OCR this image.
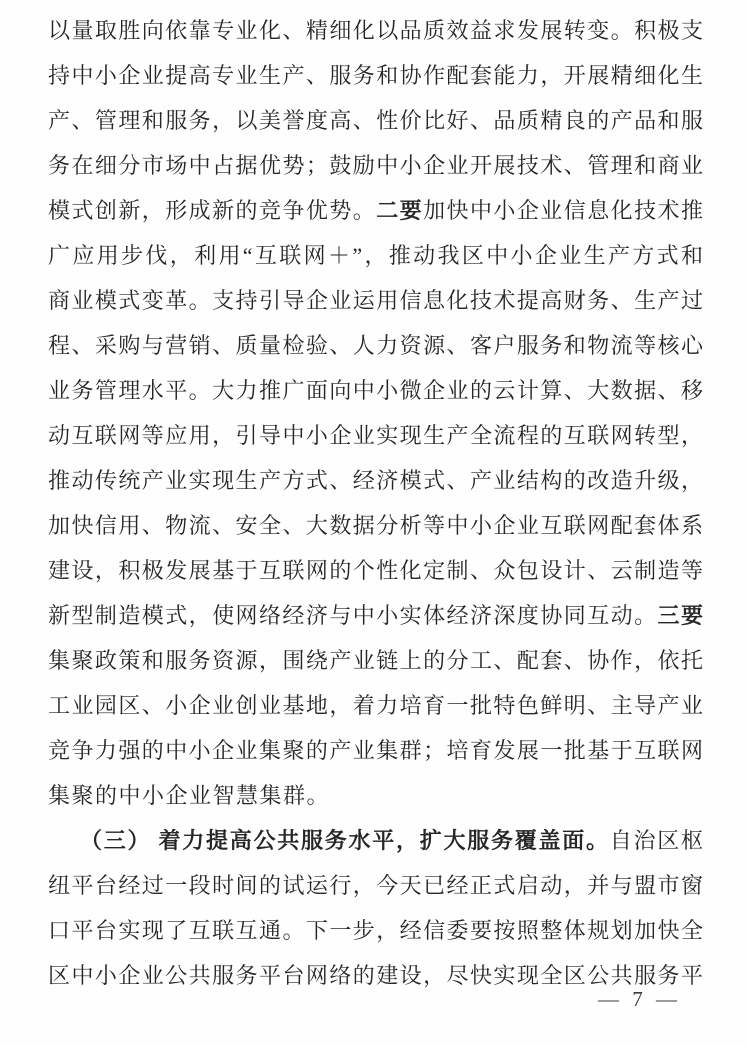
以量取胜向依靠专业化、精细化以品质效益求发展转变。积极支
持中小企业提高专业生产、服务和协作配套能力，开展精细化生
产、管理和服务，以美誉度高、性价比好、品质精良的产品和服
务在细分市场中占据优势；鼓励中小企业开展技术、管理和商业
模式创新，形成新的竞争优势。二要加快中小企业信息化技术推
广应用步伐，利用“互联网＋”，推动我区中小企业生产方式和
商业模式变革。支持引导企业运用信息化技术提高财务、生产过
程、采购与营销、质量检验、人力资源、客户服务和物流等核心
业务管理水平。大力推广面向中小微企业的云计算、大数据、移
动互联网等应用，引导中小企业实现生产全流程的互联网转型，
推动传统产业实现生产方式、经济模式、产业结构的改造升级，
加快信用、物流、安全、大数据分析等中小企业互联网配套体系
建设，积极发展基于互联网的个性化定制、众包设计、云制造等
新型制造模式，使网络经济与中小实体经济深度协同互动。三要
集聚政策和服务资源，围绕产业链上的分工、配套、协作，依托
工业园区、小企业创业基地，着力培育一批特色鲜明、主导产业
竞争力强的中小企业集聚的产业集群；培育发展一批基于互联网
集聚的中小企业智慧集群。
（三） 着力提高公共服务水平，扩大服务覆盖面。自治区枢
纽平台经过一段时间的试运行，今天已经正式启动，并与盟市窗
口平台实现了互联互通。下一步，经信委要按照整体规划加快全
区中小企业公共服务平台网络的建设，尽快实现全区公共服务平
— 7 —
